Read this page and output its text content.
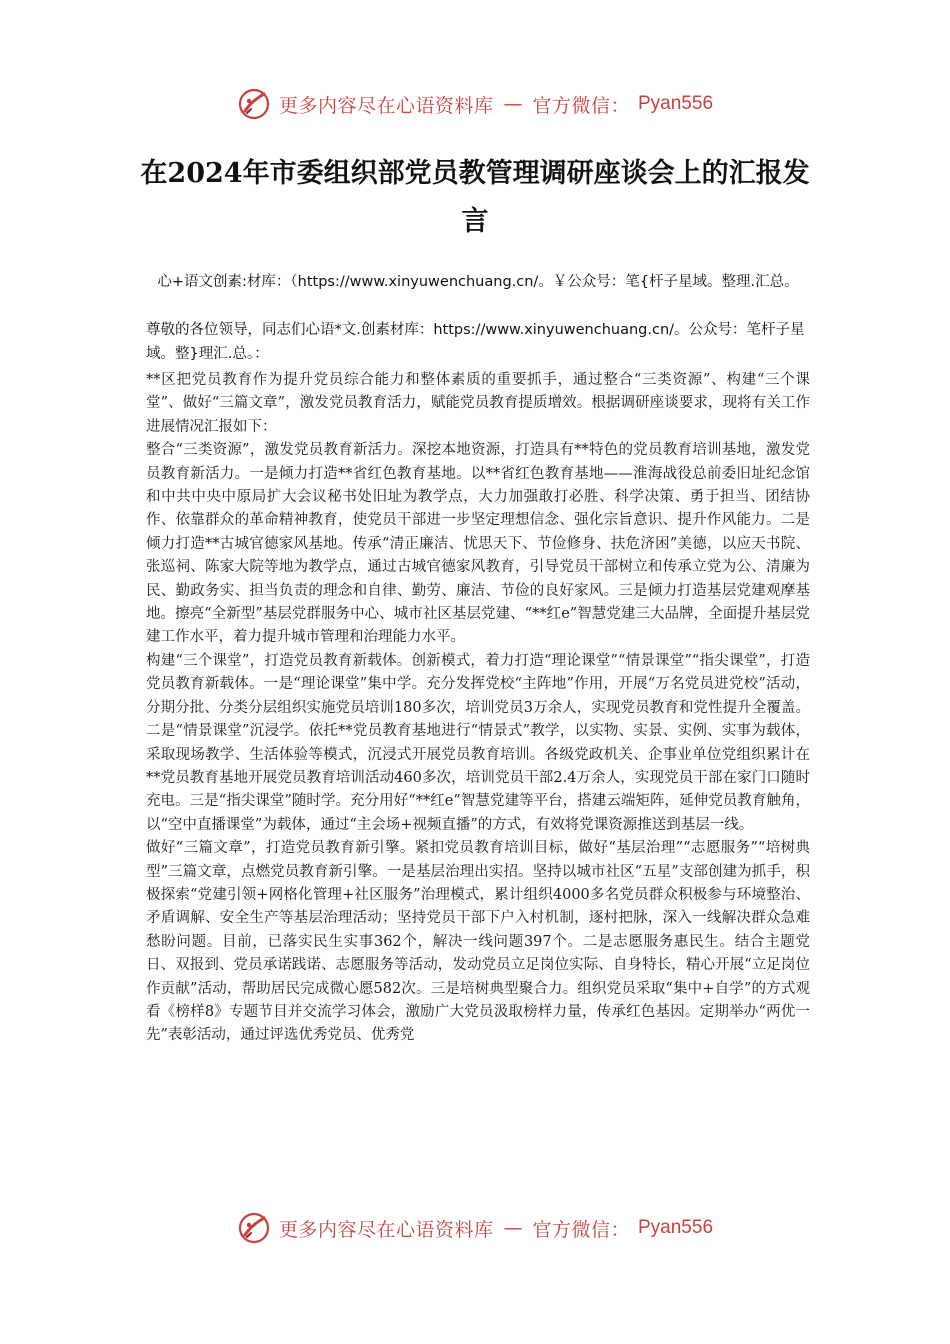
更多内容尽在心语资料库 — 官方微信： Pyan556
在2024年市委组织部党员教管理调研座谈会上的汇报发言

心+语文创素:材库：（https://www.xinyuwenchuang.cn/。￥公众号：笔{杆子星域。整理.汇总。

尊敬的各位领导，同志们心语*文.创素材库：https://www.xinyuwenchuang.cn/。公众号：笔杆子星域。整}理汇.总。：

**区把党员教育作为提升党员综合能力和整体素质的重要抓手，通过整合“三类资源”、构建“三个课堂”、做好“三篇文章”，激发党员教育活力，赋能党员教育提质增效。根据调研座谈要求，现将有关工作进展情况汇报如下：

整合“三类资源”，激发党员教育新活力。深挖本地资源，打造具有**特色的党员教育培训基地，激发党员教育新活力。一是倾力打造**省红色教育基地。以**省红色教育基地——淮海战役总前委旧址纪念馆和中共中央中原局扩大会议秘书处旧址为教学点，大力加强敢打必胜、科学决策、勇于担当、团结协作、依靠群众的革命精神教育，使党员干部进一步坚定理想信念、强化宗旨意识、提升作风能力。二是倾力打造**古城官德家风基地。传承“清正廉洁、忧思天下、节俭修身、扶危济困”美德，以应天书院、张巡祠、陈家大院等地为教学点，通过古城官德家风教育，引导党员干部树立和传承立党为公、清廉为民、勤政务实、担当负责的理念和自律、勤劳、廉洁、节俭的良好家风。三是倾力打造基层党建观摩基地。擦亮“全新型”基层党群服务中心、城市社区基层党建、“**红e”智慧党建三大品牌，全面提升基层党建工作水平，着力提升城市管理和治理能力水平。

构建“三个课堂”，打造党员教育新载体。创新模式，着力打造“理论课堂”“情景课堂”“指尖课堂”，打造党员教育新载体。一是“理论课堂”集中学。充分发挥党校“主阵地”作用，开展“万名党员进党校”活动，分期分批、分类分层组织实施党员培训180多次，培训党员3万余人，实现党员教育和党性提升全覆盖。二是“情景课堂”沉浸学。依托**党员教育基地进行“情景式”教学，以实物、实景、实例、实事为载体，采取现场教学、生活体验等模式，沉浸式开展党员教育培训。各级党政机关、企事业单位党组织累计在**党员教育基地开展党员教育培训活动460多次，培训党员干部2.4万余人，实现党员干部在家门口随时充电。三是“指尖课堂”随时学。充分用好“**红e”智慧党建等平台，搭建云端矩阵，延伸党员教育触角，以“空中直播课堂”为载体，通过“主会场+视频直播”的方式，有效将党课资源推送到基层一线。

做好“三篇文章”，打造党员教育新引擎。紧扣党员教育培训目标，做好“基层治理”“志愿服务”“培树典型”三篇文章，点燃党员教育新引擎。一是基层治理出实招。坚持以城市社区“五星”支部创建为抓手，积极探索“党建引领+网格化管理+社区服务”治理模式，累计组织4000多名党员群众积极参与环境整治、矛盾调解、安全生产等基层治理活动；坚持党员干部下户入村机制，逐村把脉，深入一线解决群众急难愁盼问题。目前，已落实民生实事362个，解决一线问题397个。二是志愿服务惠民生。结合主题党日、双报到、党员承诺践诺、志愿服务等活动，发动党员立足岗位实际、自身特长，精心开展“立足岗位作贡献”活动，帮助居民完成微心愿582次。三是培树典型聚合力。组织党员采取“集中+自学”的方式观看《榜样8》专题节目并交流学习体会，激励广大党员汲取榜样力量，传承红色基因。定期举办“两优一先”表彰活动，通过评选优秀党员、优秀党

更多内容尽在心语资料库 — 官方微信： Pyan556
